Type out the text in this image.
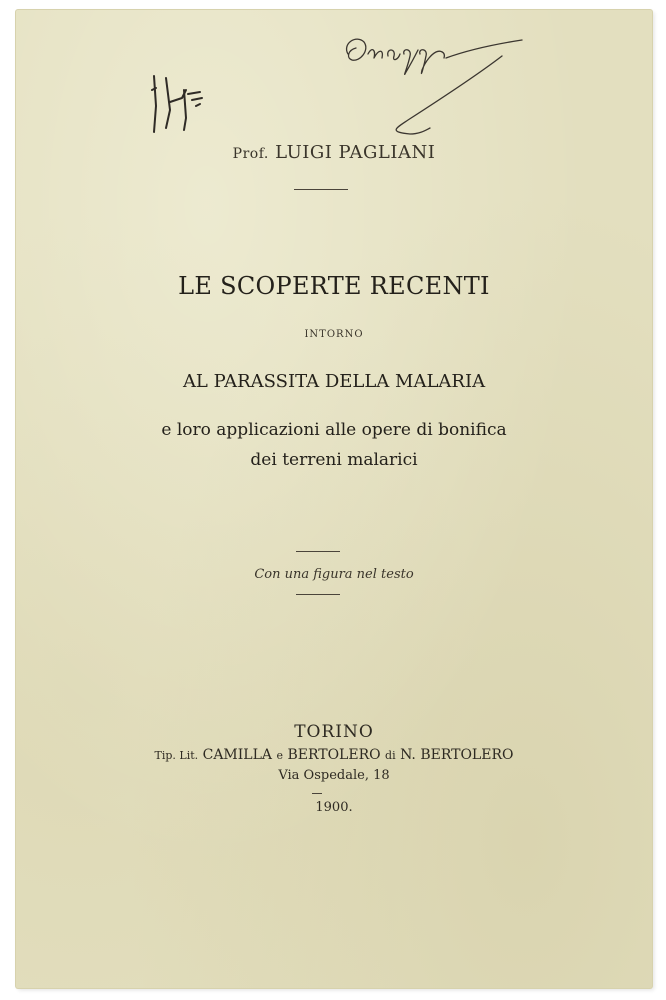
Prof. LUIGI PAGLIANI
LE SCOPERTE RECENTI
INTORNO
AL PARASSITA DELLA MALARIA
e loro applicazioni alle opere di bonifica
dei terreni malarici
Con una figura nel testo
TORINO
Tip. Lit. CAMILLA e BERTOLERO di N. BERTOLERO
Via Ospedale, 18
1900.
